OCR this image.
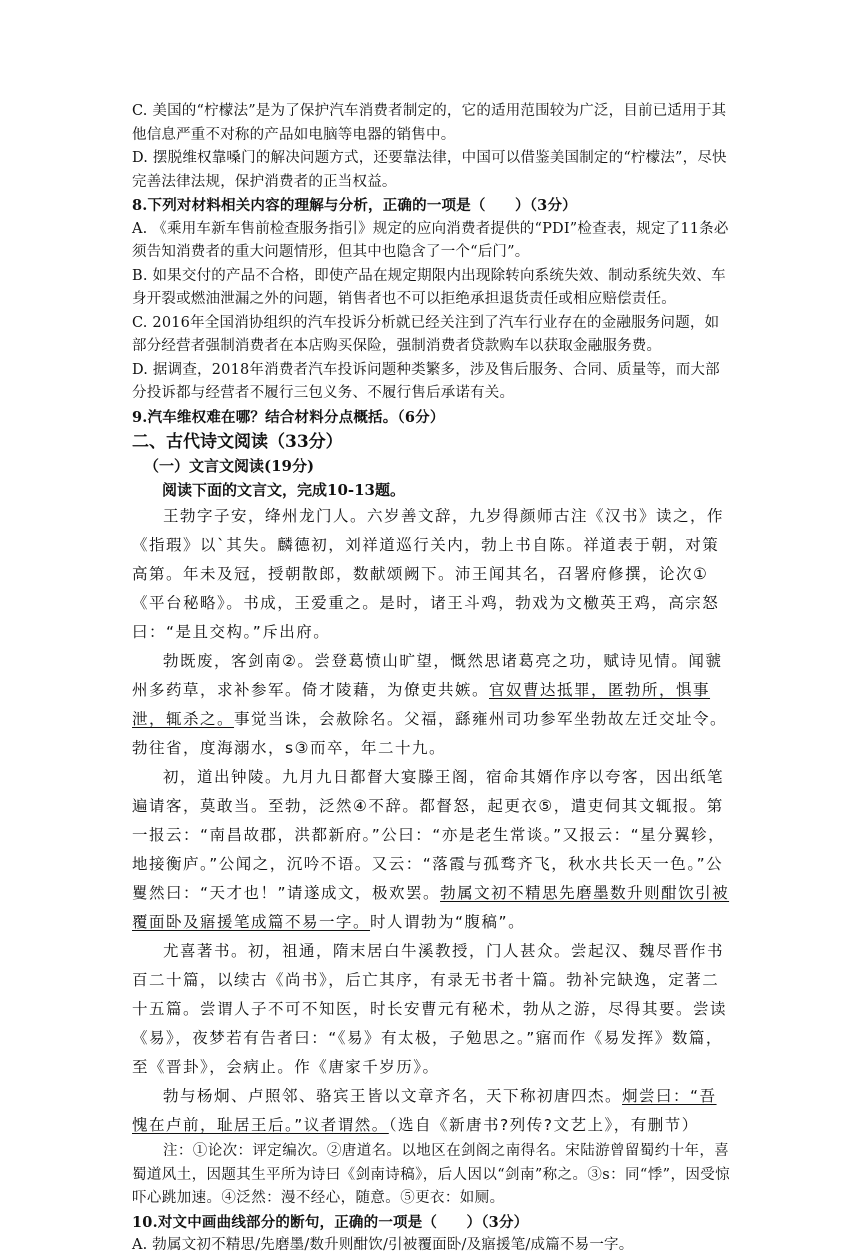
C. 美国的“柠檬法”是为了保护汽车消费者制定的，它的适用范围较为广泛，目前已适用于其他信息严重不对称的产品如电脑等电器的销售中。

D. 摆脱维权靠嗓门的解决问题方式，还要靠法律，中国可以借鉴美国制定的“柠檬法”，尽快完善法律法规，保护消费者的正当权益。

8.下列对材料相关内容的理解与分析，正确的一项是（　　）（3分）

A. 《乘用车新车售前检查服务指引》规定的应向消费者提供的“PDI”检查表，规定了11条必须告知消费者的重大问题情形，但其中也隐含了一个“后门”。

B. 如果交付的产品不合格，即使产品在规定期限内出现除转向系统失效、制动系统失效、车身开裂或燃油泄漏之外的问题，销售者也不可以拒绝承担退货责任或相应赔偿责任。

C. 2016年全国消协组织的汽车投诉分析就已经关注到了汽车行业存在的金融服务问题，如部分经营者强制消费者在本店购买保险，强制消费者贷款购车以获取金融服务费。

D. 据调查，2018年消费者汽车投诉问题种类繁多，涉及售后服务、合同、质量等，而大部分投诉都与经营者不履行三包义务、不履行售后承诺有关。

9.汽车维权难在哪？结合材料分点概括。（6分）

二、古代诗文阅读（33分）

（一）文言文阅读(19分)

阅读下面的文言文，完成10-13题。

王勃字子安，绛州龙门人。六岁善文辞，九岁得颜师古注《汉书》读之，作《指瑕》以`其失。麟德初，刘祥道巡行关内，勃上书自陈。祥道表于朝，对策高第。年未及冠，授朝散郎，数献颂阙下。沛王闻其名，召署府修撰，论次①《平台秘略》。书成，王爱重之。是时，诸王斗鸡，勃戏为文檄英王鸡，高宗怒曰：“是且交构。”斥出府。

勃既废，客剑南②。尝登葛愤山旷望，慨然思诸葛亮之功，赋诗见情。闻虢州多药草，求补参军。倚才陵藉，为僚吏共嫉。官奴曹达抵罪，匿勃所，惧事泄，辄杀之。事觉当诛，会赦除名。父福，繇雍州司功参军坐勃故左迁交址令。勃往省，度海溺水，s③而卒，年二十九。

初，道出钟陵。九月九日都督大宴滕王阁，宿命其婿作序以夸客，因出纸笔遍请客，莫敢当。至勃，泛然④不辞。都督怒，起更衣⑤，遣吏伺其文辄报。第一报云：“南昌故郡，洪都新府。”公曰：“亦是老生常谈。”又报云：“星分翼轸，地接衡庐。”公闻之，沉吟不语。又云：“落霞与孤骛齐飞，秋水共长天一色。”公矍然曰：“天才也！”请遂成文，极欢罢。勃属文初不精思先磨墨数升则酣饮引被覆面卧及寤援笔成篇不易一字。时人谓勃为“腹稿”。

尤喜著书。初，祖通，隋末居白牛溪教授，门人甚众。尝起汉、魏尽晋作书百二十篇，以续古《尚书》，后亡其序，有录无书者十篇。勃补完缺逸，定著二十五篇。尝谓人子不可不知医，时长安曹元有秘术，勃从之游，尽得其要。尝读《易》，夜梦若有告者曰：“《易》有太极，子勉思之。”寤而作《易发挥》数篇，至《晋卦》，会病止。作《唐家千岁历》。

勃与杨炯、卢照邻、骆宾王皆以文章齐名，天下称初唐四杰。炯尝曰：“吾愧在卢前，耻居王后。”议者谓然。（选自《新唐书?列传?文艺上》，有删节）

注：①论次：评定编次。②唐道名。以地区在剑阁之南得名。宋陆游曾留蜀约十年，喜蜀道风土，因题其生平所为诗曰《剑南诗稿》，后人因以“剑南”称之。③s：同“悸”，因受惊吓心跳加速。④泛然：漫不经心，随意。⑤更衣：如厕。

10.对文中画曲线部分的断句，正确的一项是（　　）（3分）

A. 勃属文初不精思/先磨墨/数升则酣饮/引被覆面卧/及寤援笔/成篇不易一字。
